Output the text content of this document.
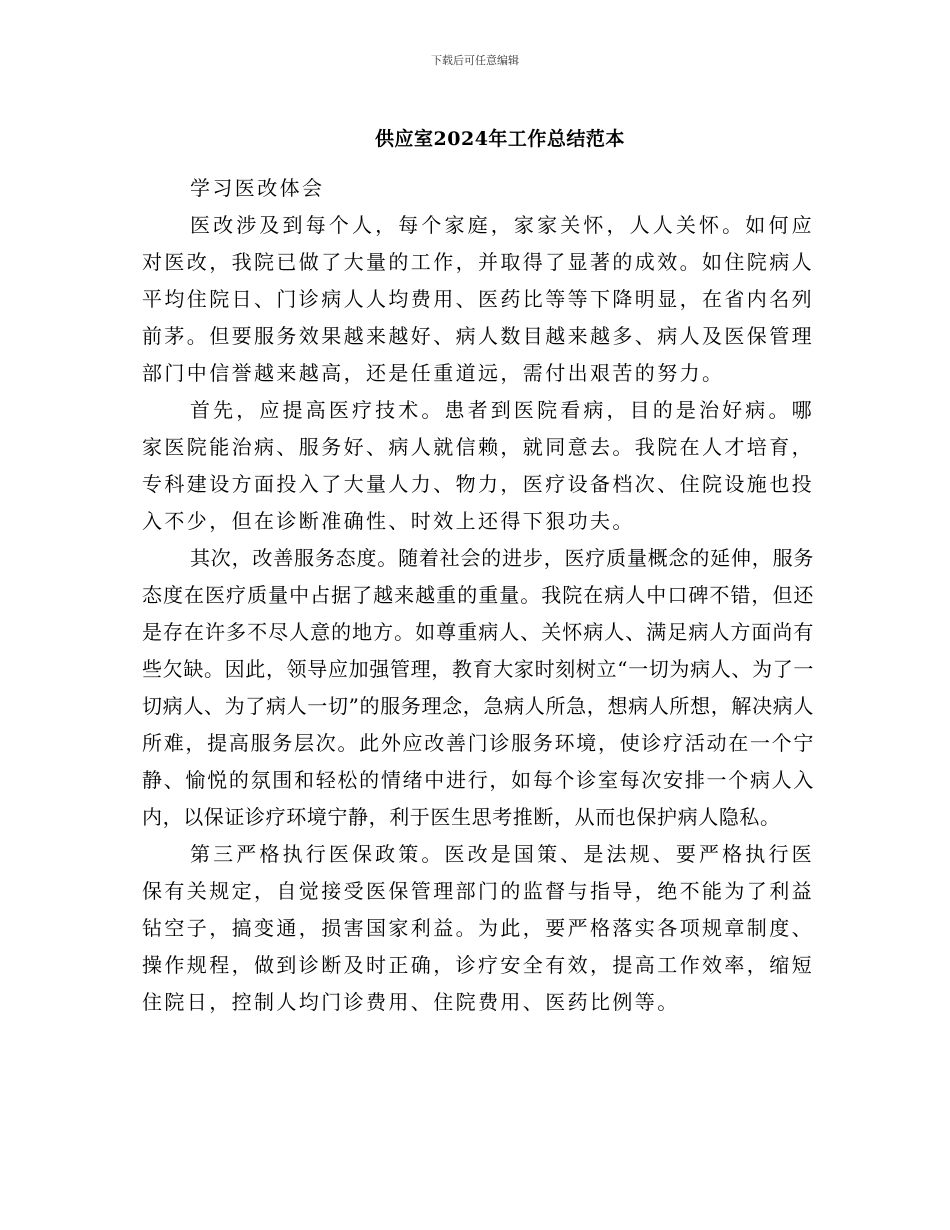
下载后可任意编辑
供应室2024年工作总结范本

学习医改体会

医改涉及到每个人，每个家庭，家家关怀，人人关怀。如何应对医改，我院已做了大量的工作，并取得了显著的成效。如住院病人平均住院日、门诊病人人均费用、医药比等等下降明显，在省内名列前茅。但要服务效果越来越好、病人数目越来越多、病人及医保管理部门中信誉越来越高，还是任重道远，需付出艰苦的努力。

首先，应提高医疗技术。患者到医院看病，目的是治好病。哪家医院能治病、服务好、病人就信赖，就同意去。我院在人才培育，专科建设方面投入了大量人力、物力，医疗设备档次、住院设施也投入不少，但在诊断准确性、时效上还得下狠功夫。

其次，改善服务态度。随着社会的进步，医疗质量概念的延伸，服务态度在医疗质量中占据了越来越重的重量。我院在病人中口碑不错，但还是存在许多不尽人意的地方。如尊重病人、关怀病人、满足病人方面尚有些欠缺。因此，领导应加强管理，教育大家时刻树立“一切为病人、为了一切病人、为了病人一切”的服务理念，急病人所急，想病人所想，解决病人所难，提高服务层次。此外应改善门诊服务环境，使诊疗活动在一个宁静、愉悦的氛围和轻松的情绪中进行，如每个诊室每次安排一个病人入内，以保证诊疗环境宁静，利于医生思考推断，从而也保护病人隐私。

第三严格执行医保政策。医改是国策、是法规、要严格执行医保有关规定，自觉接受医保管理部门的监督与指导，绝不能为了利益钻空子，搞变通，损害国家利益。为此，要严格落实各项规章制度、操作规程，做到诊断及时正确，诊疗安全有效，提高工作效率，缩短住院日，控制人均门诊费用、住院费用、医药比例等。
